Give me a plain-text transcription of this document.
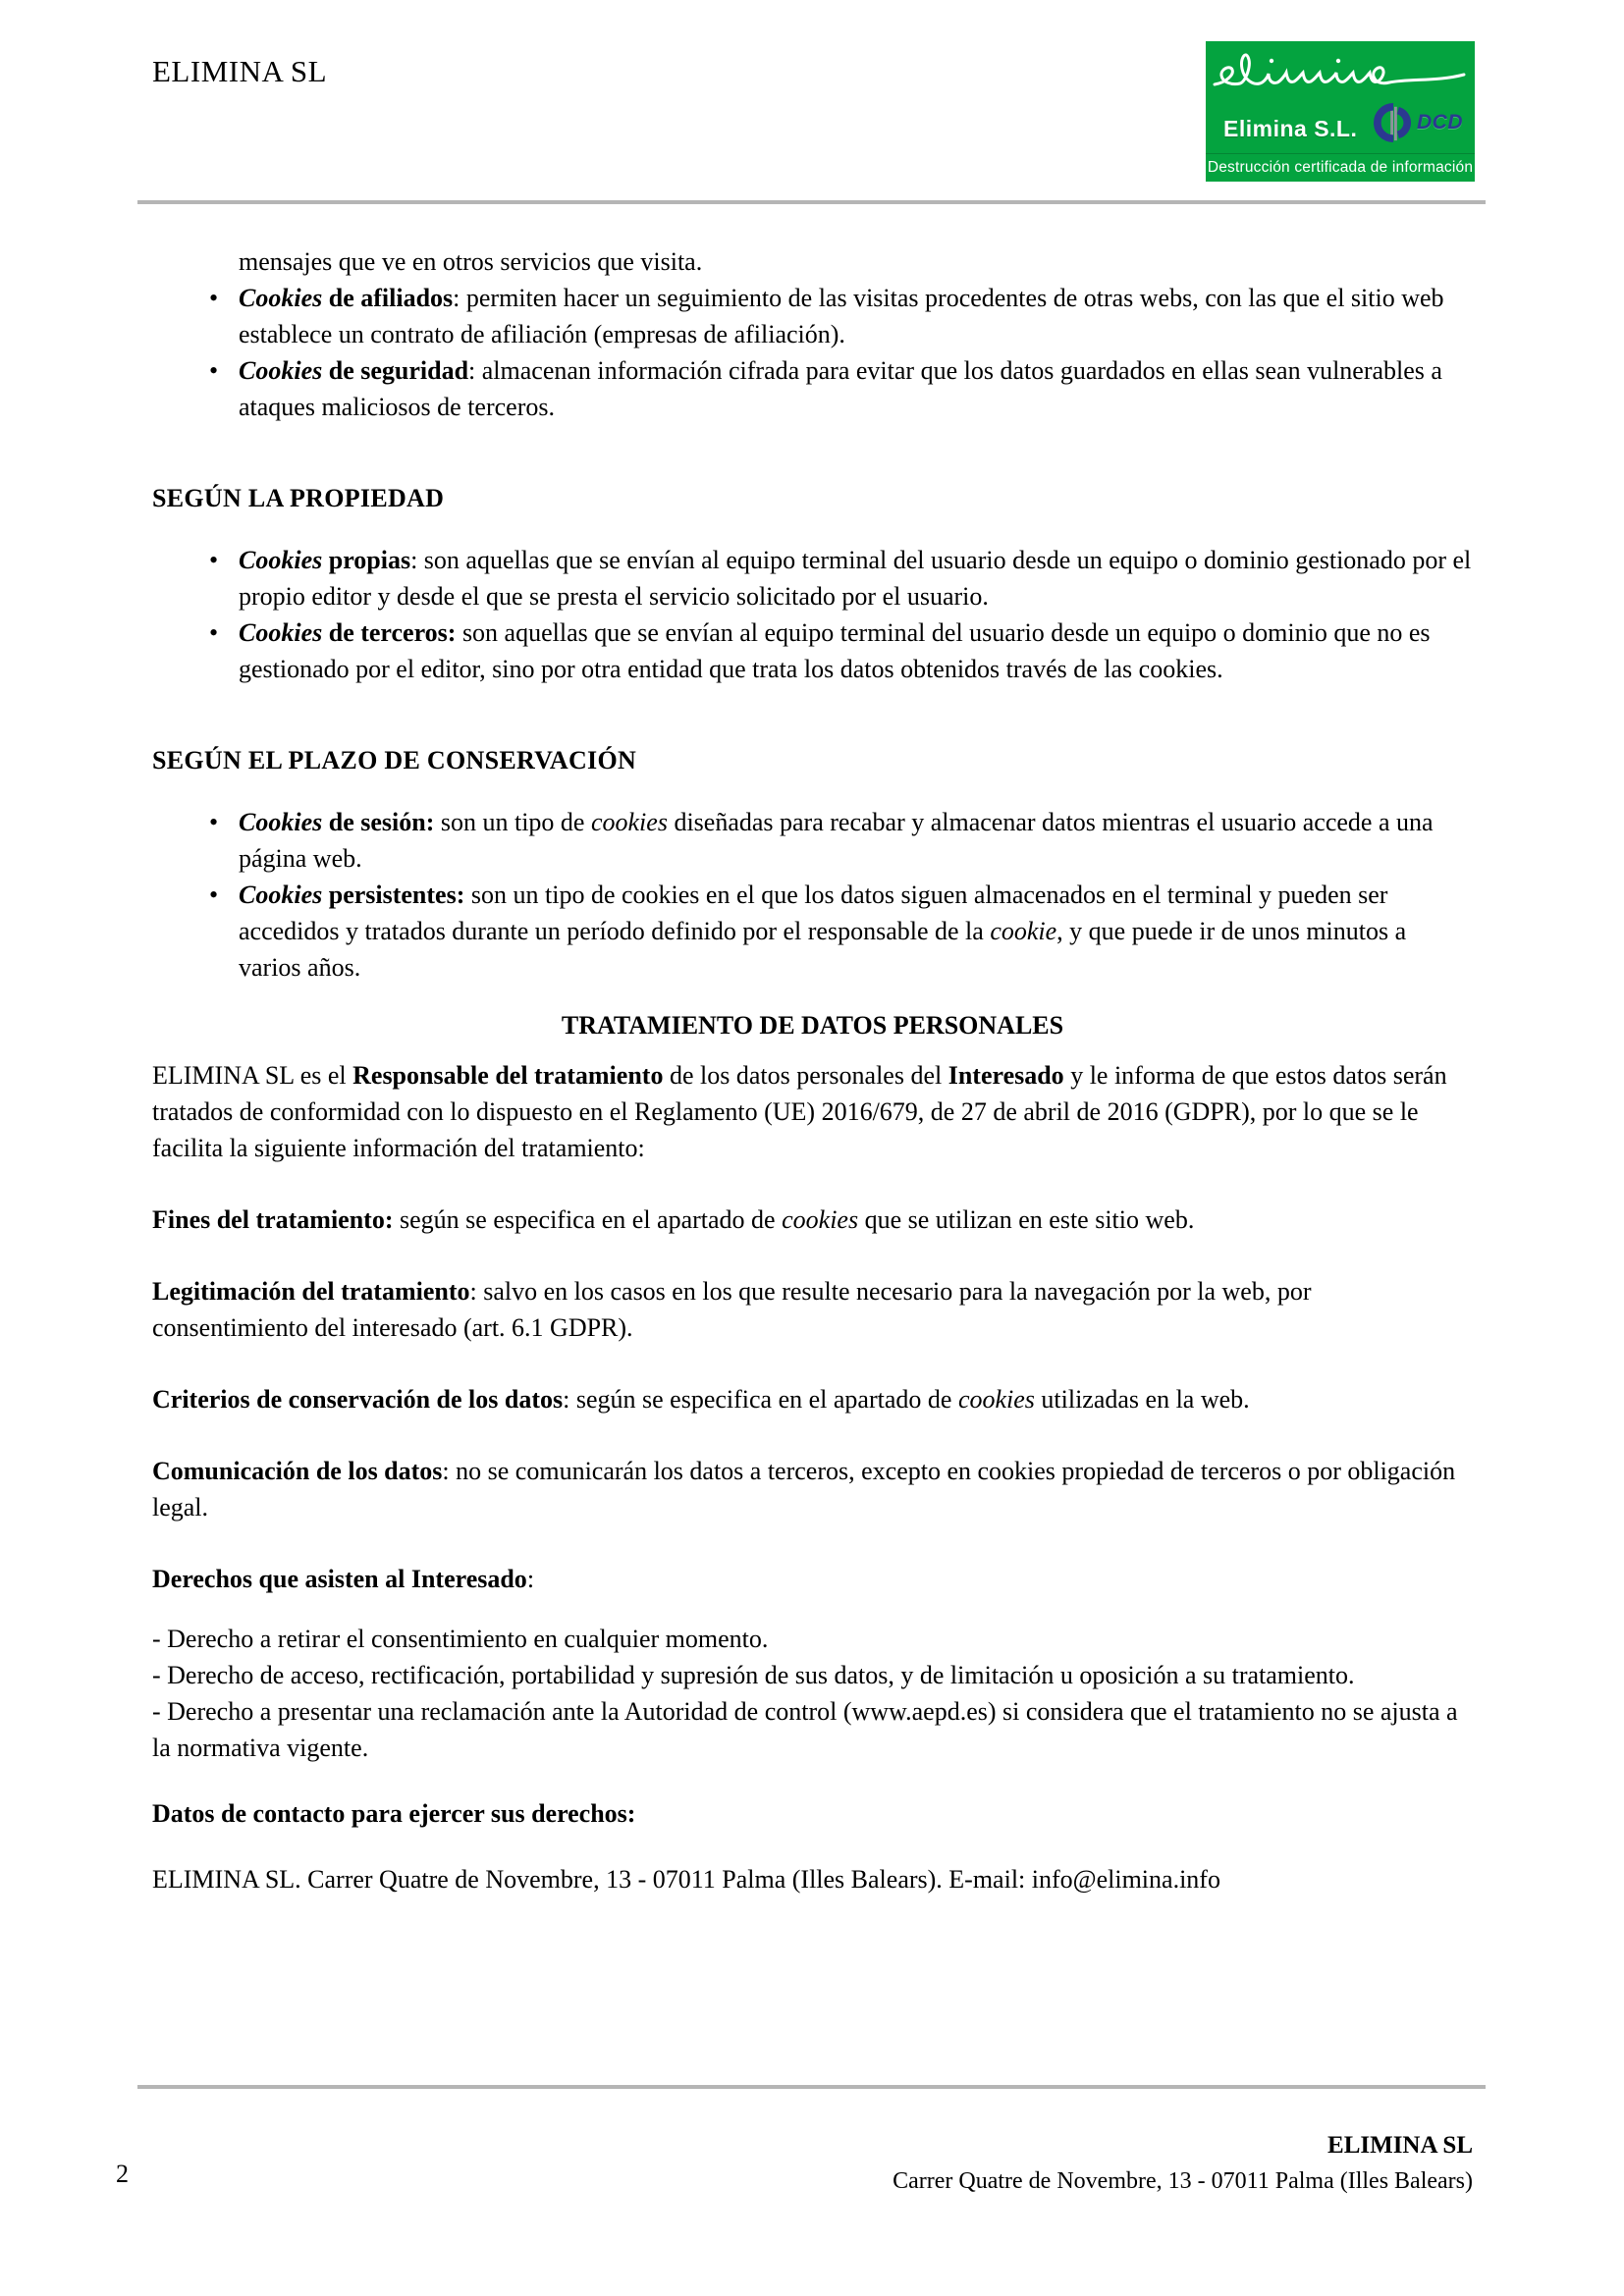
ELIMINA SL
Elimina S.L.	DCD
Destrucción certificada de información
mensajes que ve en otros servicios que visita.
• Cookies de afiliados: permiten hacer un seguimiento de las visitas procedentes de otras webs, con las que el sitio web establece un contrato de afiliación (empresas de afiliación).
• Cookies de seguridad: almacenan información cifrada para evitar que los datos guardados en ellas sean vulnerables a ataques maliciosos de terceros.
SEGÚN LA PROPIEDAD
• Cookies propias: son aquellas que se envían al equipo terminal del usuario desde un equipo o dominio gestionado por el propio editor y desde el que se presta el servicio solicitado por el usuario.
• Cookies de terceros: son aquellas que se envían al equipo terminal del usuario desde un equipo o dominio que no es gestionado por el editor, sino por otra entidad que trata los datos obtenidos través de las cookies.
SEGÚN EL PLAZO DE CONSERVACIÓN
• Cookies de sesión: son un tipo de cookies diseñadas para recabar y almacenar datos mientras el usuario accede a una página web.
• Cookies persistentes: son un tipo de cookies en el que los datos siguen almacenados en el terminal y pueden ser accedidos y tratados durante un período definido por el responsable de la cookie, y que puede ir de unos minutos a varios años.
TRATAMIENTO DE DATOS PERSONALES
ELIMINA SL es el Responsable del tratamiento de los datos personales del Interesado y le informa de que estos datos serán tratados de conformidad con lo dispuesto en el Reglamento (UE) 2016/679, de 27 de abril de 2016 (GDPR), por lo que se le facilita la siguiente información del tratamiento:
Fines del tratamiento: según se especifica en el apartado de cookies que se utilizan en este sitio web.
Legitimación del tratamiento: salvo en los casos en los que resulte necesario para la navegación por la web, por consentimiento del interesado (art. 6.1 GDPR).
Criterios de conservación de los datos: según se especifica en el apartado de cookies utilizadas en la web.
Comunicación de los datos: no se comunicarán los datos a terceros, excepto en cookies propiedad de terceros o por obligación legal.
Derechos que asisten al Interesado:
- Derecho a retirar el consentimiento en cualquier momento.
- Derecho de acceso, rectificación, portabilidad y supresión de sus datos, y de limitación u oposición a su tratamiento.
- Derecho a presentar una reclamación ante la Autoridad de control (www.aepd.es) si considera que el tratamiento no se ajusta a la normativa vigente.
Datos de contacto para ejercer sus derechos:
ELIMINA SL. Carrer Quatre de Novembre, 13 - 07011 Palma (Illes Balears). E-mail: info@elimina.info
2
ELIMINA SL
Carrer Quatre de Novembre, 13 - 07011 Palma (Illes Balears)
